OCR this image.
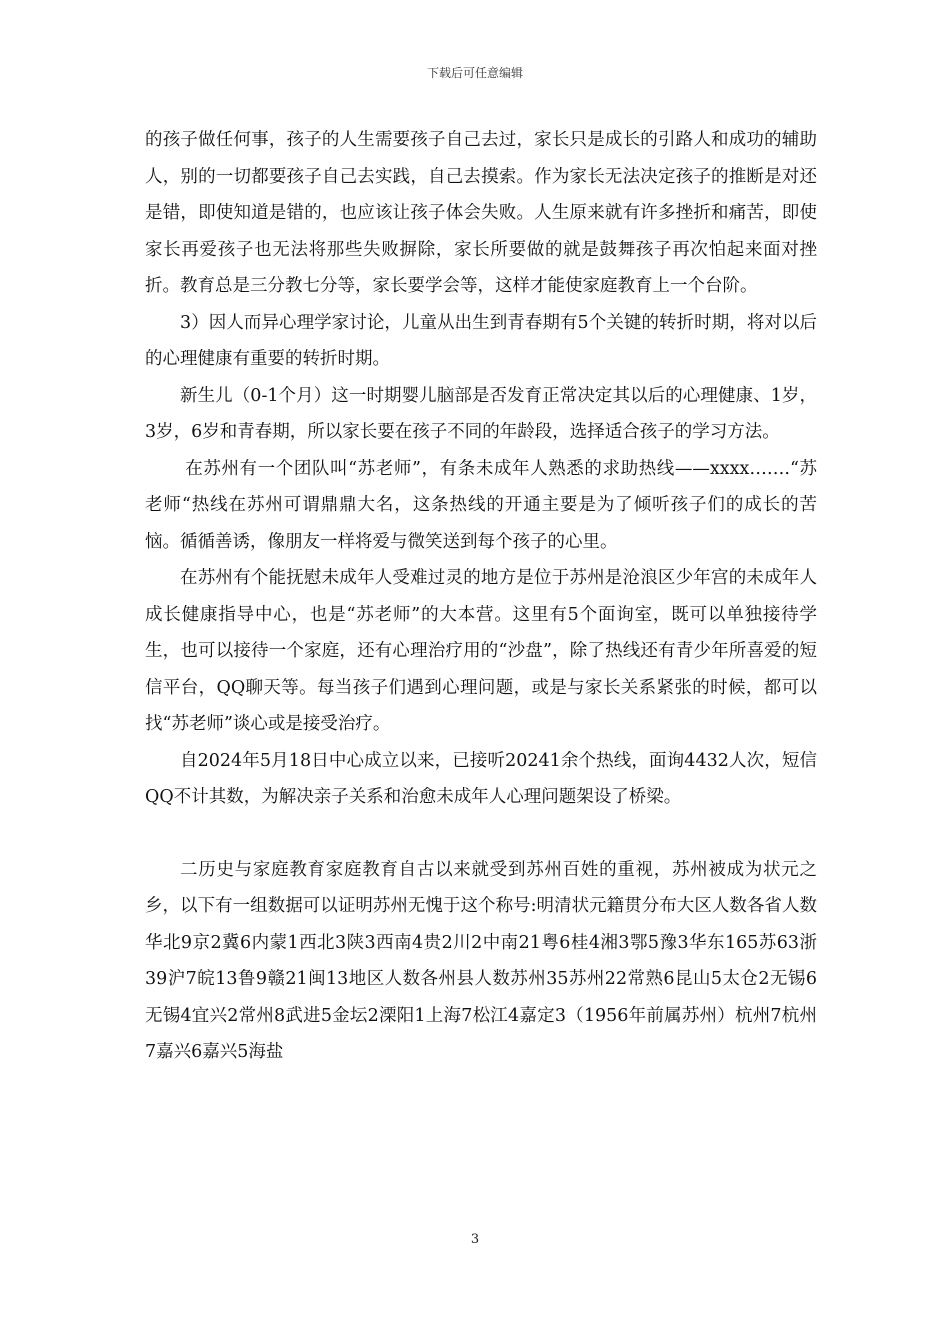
下载后可任意编辑

的孩子做任何事，孩子的人生需要孩子自己去过，家长只是成长的引路人和成功的辅助人，别的一切都要孩子自己去实践，自己去摸索。作为家长无法决定孩子的推断是对还是错，即使知道是错的，也应该让孩子体会失败。人生原来就有许多挫折和痛苦，即使家长再爱孩子也无法将那些失败摒除，家长所要做的就是鼓舞孩子再次怕起来面对挫折。教育总是三分教七分等，家长要学会等，这样才能使家庭教育上一个台阶。

3）因人而异心理学家讨论，儿童从出生到青春期有5个关键的转折时期，将对以后的心理健康有重要的转折时期。

新生儿（0-1个月）这一时期婴儿脑部是否发育正常决定其以后的心理健康、1岁，3岁，6岁和青春期，所以家长要在孩子不同的年龄段，选择适合孩子的学习方法。

在苏州有一个团队叫“苏老师”，有条未成年人熟悉的求助热线——xxxx…….“苏老师“热线在苏州可谓鼎鼎大名，这条热线的开通主要是为了倾听孩子们的成长的苦恼。循循善诱，像朋友一样将爱与微笑送到每个孩子的心里。

在苏州有个能抚慰未成年人受难过灵的地方是位于苏州是沧浪区少年宫的未成年人成长健康指导中心，也是“苏老师”的大本营。这里有5个面询室，既可以单独接待学生，也可以接待一个家庭，还有心理治疗用的“沙盘”，除了热线还有青少年所喜爱的短信平台，QQ聊天等。每当孩子们遇到心理问题，或是与家长关系紧张的时候，都可以找“苏老师”谈心或是接受治疗。

自2024年5月18日中心成立以来，已接听20241余个热线，面询4432人次，短信QQ不计其数，为解决亲子关系和治愈未成年人心理问题架设了桥梁。

二历史与家庭教育家庭教育自古以来就受到苏州百姓的重视，苏州被成为状元之乡，以下有一组数据可以证明苏州无愧于这个称号:明清状元籍贯分布大区人数各省人数华北9京2冀6内蒙1西北3陕3西南4贵2川2中南21粤6桂4湘3鄂5豫3华东165苏63浙39沪7皖13鲁9赣21闽13地区人数各州县人数苏州35苏州22常熟6昆山5太仓2无锡6无锡4宜兴2常州8武进5金坛2溧阳1上海7松江4嘉定3（1956年前属苏州）杭州7杭州7嘉兴6嘉兴5海盐

3
